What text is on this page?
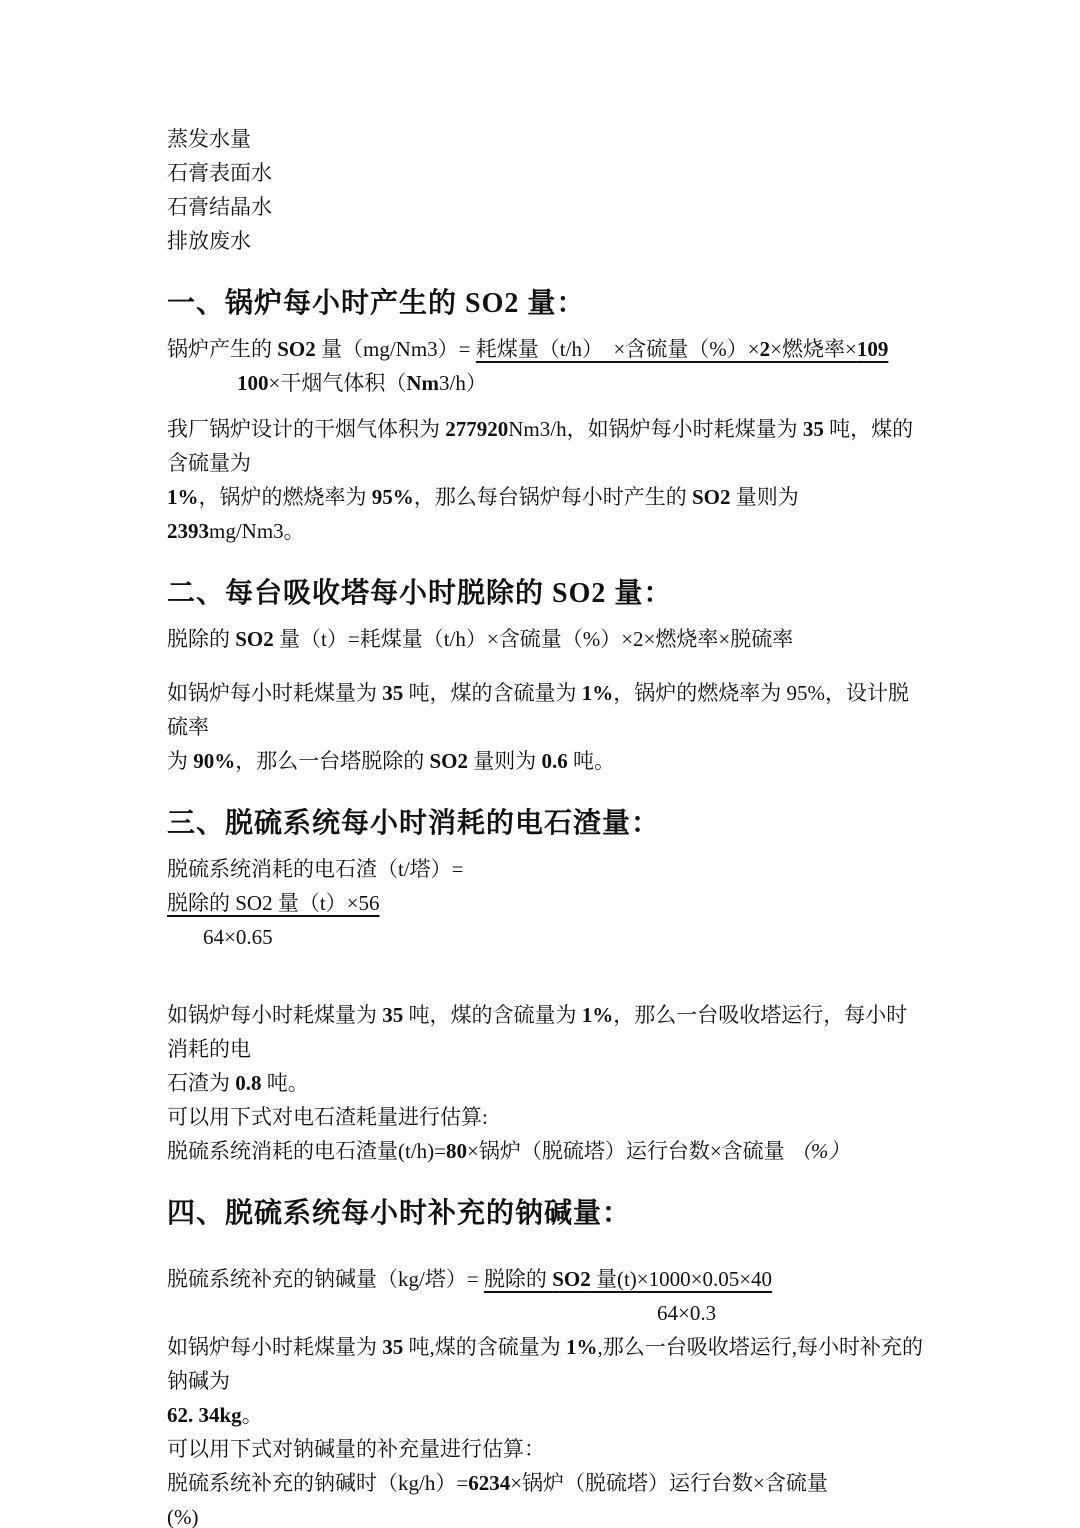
蒸发水量
石膏表面水
石膏结晶水
排放废水
一、锅炉每小时产生的 SO2 量：
锅炉产生的 SO2 量（mg/Nm3）= 耗煤量（t/h）　×含硫量（%）×2×燃烧率×109
100×干烟气体积（Nm3/h）
我厂锅炉设计的干烟气体积为 277920Nm3/h，如锅炉每小时耗煤量为 35 吨，煤的含硫量为
1%，锅炉的燃烧率为 95%，那么每台锅炉每小时产生的 SO2 量则为 2393mg/Nm3。
二、每台吸收塔每小时脱除的 SO2 量：
脱除的 SO2 量（t）=耗煤量（t/h）×含硫量（%）×2×燃烧率×脱硫率
如锅炉每小时耗煤量为 35 吨，煤的含硫量为 1%，锅炉的燃烧率为 95%，设计脱硫率
为 90%，那么一台塔脱除的 SO2 量则为 0.6 吨。
三、脱硫系统每小时消耗的电石渣量：
脱硫系统消耗的电石渣（t/塔）=
脱除的 SO2 量（t）×56
64×0.65
如锅炉每小时耗煤量为 35 吨，煤的含硫量为 1%，那么一台吸收塔运行，每小时消耗的电
石渣为 0.8 吨。
可以用下式对电石渣耗量进行估算:
脱硫系统消耗的电石渣量(t/h)=80×锅炉（脱硫塔）运行台数×含硫量 （%）
四、脱硫系统每小时补充的钠碱量：
脱硫系统补充的钠碱量（kg/塔）= 脱除的 SO2 量(t)×1000×0.05×40
64×0.3
如锅炉每小时耗煤量为 35 吨,煤的含硫量为 1%,那么一台吸收塔运行,每小时补充的钠碱为
62. 34kg。
可以用下式对钠碱量的补充量进行估算：
脱硫系统补充的钠碱时（kg/h）=6234×锅炉（脱硫塔）运行台数×含硫量
(%)
